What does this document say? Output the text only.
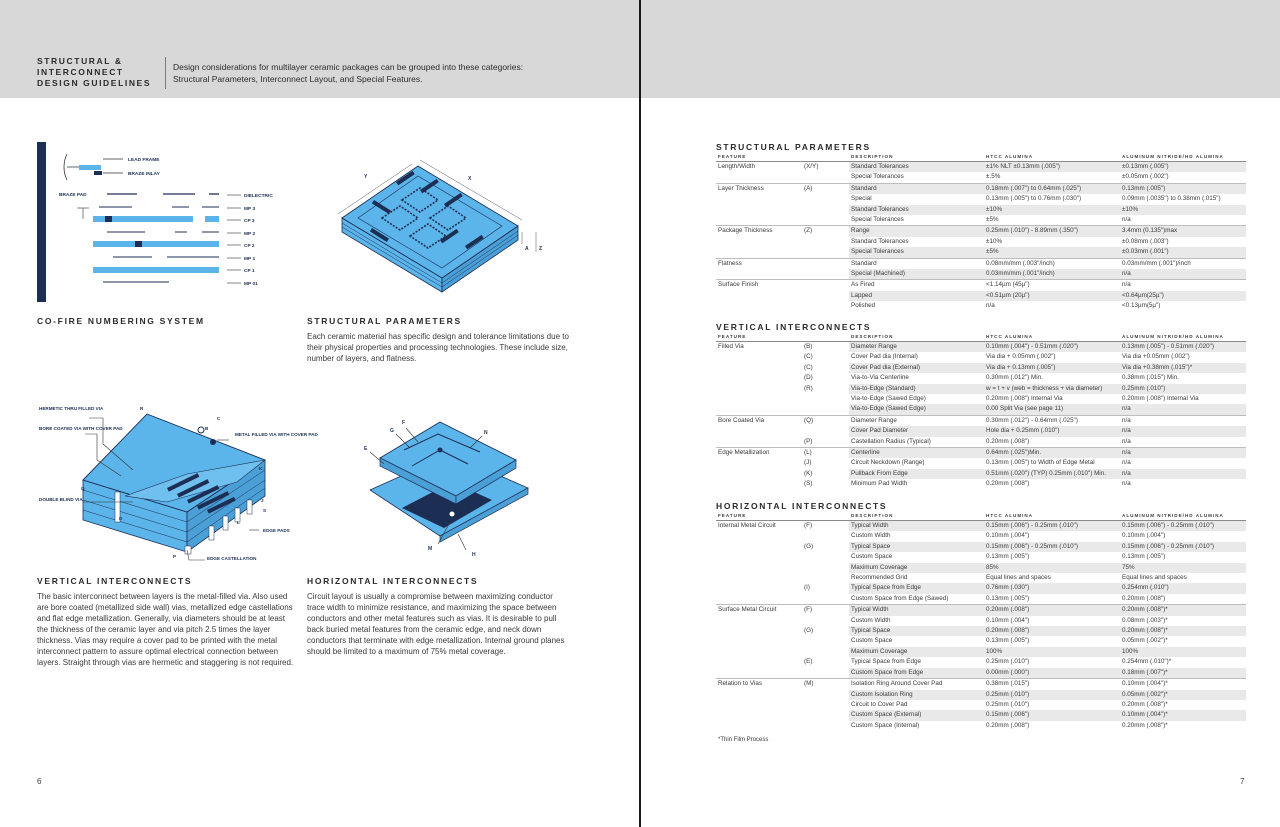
STRUCTURAL &
INTERCONNECT
DESIGN GUIDELINES
Design considerations for multilayer ceramic packages can be grouped into these categories: Structural Parameters, Interconnect Layout, and Special Features.
LEAD FRAME
BRAZE INLAY
BRAZE PAD	DIELECTRIC
MP 3
CP 3
MP 2
CP 2
MP 1
CP 1
MP 01
CO-FIRE NUMBERING SYSTEM
Y	X
A Z
STRUCTURAL PARAMETERS
Each ceramic material has specific design and tolerance limitations due to their physical properties and processing technologies. These include size, number of layers, and flatness.
HERMETIC THRU FILLED VIA
BORE COATED VIA WITH COVER PAD
METAL FILLED VIA WITH COVER PAD
DOUBLE BLIND VIA
EDGE PADS
EDGE CASTELLATION
R
C
B
K
J
S
L
Q
D
P
VERTICAL INTERCONNECTS
The basic interconnect between layers is the metal-filled via. Also used are bore coated (metallized side wall) vias, metallized edge castellations and flat edge metallization. Generally, via diameters should be at least the thickness of the ceramic layer and via pitch 2.5 times the layer thickness. Vias may require a cover pad to be printed with the metal interconnect pattern to assure optimal electrical connection between layers. Straight through vias are hermetic and staggering is not required.
G
F
N
E
M
H
HORIZONTAL INTERCONNECTS
Circuit layout is usually a compromise between maximizing conductor trace width to minimize resistance, and maximizing the space between conductors and other metal features such as vias. It is desirable to pull back buried metal features from the ceramic edge, and neck down conductors that terminate with edge metallization. Internal ground planes should be limited to a maximum of 75% metal coverage.
6
STRUCTURAL PARAMETERS
FEATURE		DESCRIPTION	HTCC ALUMINA	ALUMINUM NITRIDE/HD ALUMINA
Length/Width	(X/Y)	Standard Tolerances	±1% NLT ±0.13mm (.005")	±0.13mm (.005")
		Special Tolerances	±.5%	±0.05mm (.002")
Layer Thickness	(A)	Standard	0.18mm (.007") to 0.64mm (.025")	0.13mm (.005")
		Special	0.13mm (.005") to 0.76mm (.030")	0.09mm (.0035") to 0.38mm (.015")
		Standard Tolerances	±10%	±10%
		Special Tolerances	±5%	n/a
Package Thickness	(Z)	Range	0.25mm (.010") - 8.89mm (.350")	3.4mm (0.135")max
		Standard Tolerances	±10%	±0.08mm (.003")
		Special Tolerances	±5%	±0.03mm (.001")
Flatness		Standard	0.08mm/mm (.003"/inch)	0.03mm/mm (.001")/inch
		Special (Machined)	0.03mm/mm (.001"/inch)	n/a
Surface Finish		As Fired	<1.14µm (45µ")	n/a
		Lapped	<0.51µm (20µ")	<0.64µm(25µ")
		Polished	n/a	<0.13µm(5µ")
VERTICAL INTERCONNECTS
FEATURE		DESCRIPTION	HTCC ALUMINA	ALUMINUM NITRIDE/HD ALUMINA
Filled Via	(B)	Diameter Range	0.10mm (.004") - 0.51mm (.020")	0.13mm (.005") - 0.51mm (.020")
	(C)	Cover Pad dia (Internal)	Via dia + 0.05mm (.002")	Via dia +0.05mm (.002")
	(C)	Cover Pad dia (External)	Via dia + 0.13mm (.005")	Via dia +0.38mm (.015")*
	(D)	Via-to-Via Centerline	0.30mm (.012") Min.	0.38mm (.015") Min.
	(R)	Via-to-Edge (Standard)	w = t + v (web = thickness + via diameter)	0.25mm (.010")
		Via-to-Edge (Sawed Edge)	0.20mm (.008") Internal Via	0.20mm (.008") Internal Via
		Via-to-Edge (Sawed Edge)	0.00 Split Via (see page 11)	n/a
Bore Coated Via	(Q)	Diameter Range	0.30mm (.012") - 0.64mm (.025")	n/a
		Cover Pad Diameter	Hole dia + 0.25mm (.010")	n/a
	(P)	Castellation Radius (Typical)	0.20mm (.008")	n/a
Edge Metallization	(L)	Centerline	0.64mm (.025")Min.	n/a
	(J)	Circuit Neckdown (Range)	0.13mm (.005") to Width of Edge Metal	n/a
	(K)	Pullback From Edge	0.51mm (.020") (TYP) 0.25mm (.010") Min.	n/a
	(S)	Minimum Pad Width	0.20mm (.008")	n/a
HORIZONTAL INTERCONNECTS
FEATURE		DESCRIPTION	HTCC ALUMINA	ALUMINUM NITRIDE/HD ALUMINA
Internal Metal Circuit	(F)	Typical Width	0.15mm (.006") - 0.25mm (.010")	0.15mm (.006") - 0.25mm (.010")
		Custom Width	0.10mm (.004")	0.10mm (.004")
	(G)	Typical Space	0.15mm (.006") - 0.25mm (.010")	0.15mm (.006") - 0.25mm (.010")
		Custom Space	0.13mm (.005")	0.13mm (.005")
		Maximum Coverage	85%	75%
		Recommended Grid	Equal lines and spaces	Equal lines and spaces
	(I)	Typical Space from Edge	0.76mm (.030")	0.254mm (.010")
		Custom Space from Edge (Sawed)	0.13mm (.005")	0.20mm (.008")
Surface Metal Circuit	(F)	Typical Width	0.20mm (.008")	0.20mm (.008")*
		Custom Width	0.10mm (.004")	0.08mm (.003")*
	(G)	Typical Space	0.20mm (.008")	0.20mm (.008")*
		Custom Space	0.13mm (.005")	0.05mm (.002")*
		Maximum Coverage	100%	100%
	(E)	Typical Space from Edge	0.25mm (.010")	0.254mm (.010")*
		Custom Space from Edge	0.00mm (.000")	0.18mm (.007")*
Relation to Vias	(M)	Isolation Ring Around Cover Pad	0.38mm (.015")	0.10mm (.004")*
		Custom Isolation Ring	0.25mm (.010")	0.05mm (.002")*
		Circuit to Cover Pad	0.25mm (.010")	0.20mm (.008")*
		Custom Space (External)	0.15mm (.006")	0.10mm (.004")*
		Custom Space (Internal)	0.20mm (.008")	0.20mm (.008")*
*Thin Film Process
7
